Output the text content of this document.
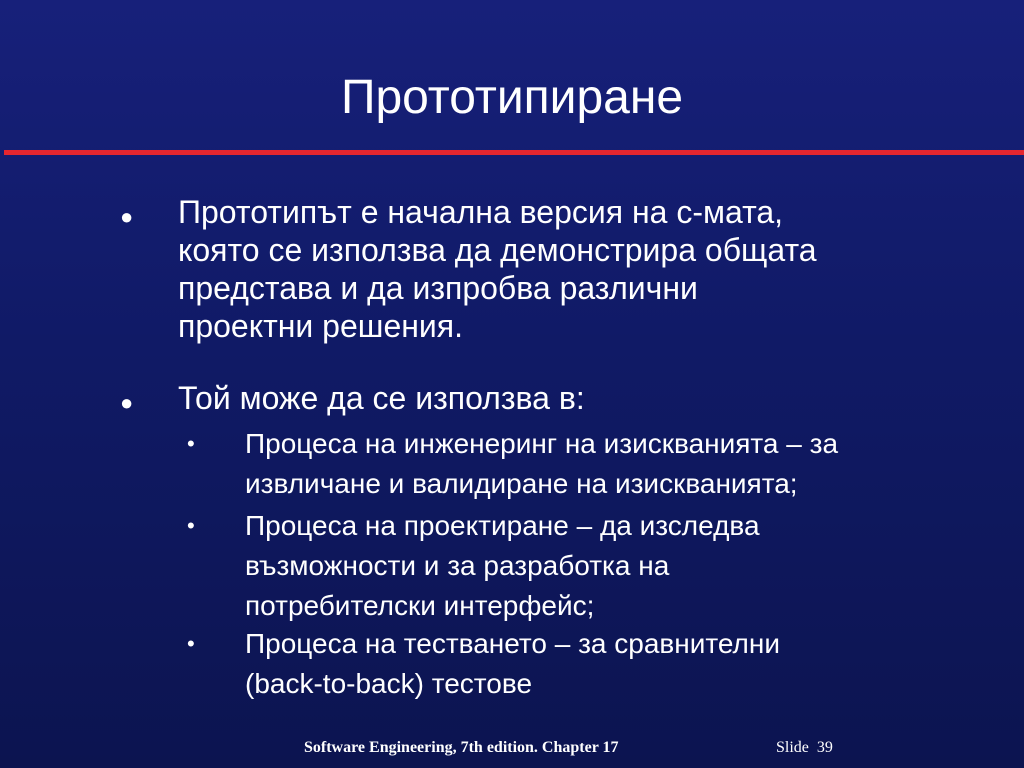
Прототипиране
● Прототипът е начална версия на с-мата,
която се използва да демонстрира общата
представа и да изпробва различни
проектни решения.
● Той може да се използва в:
• Процеса на инженеринг на изискванията – за
извличане и валидиране на изискванията;
• Процеса на проектиране – да изследва
възможности и за разработка на
потребителски интерфейс;
• Процеса на тестването – за сравнителни
(back-to-back) тестове
Software Engineering, 7th edition. Chapter 17	Slide 39
